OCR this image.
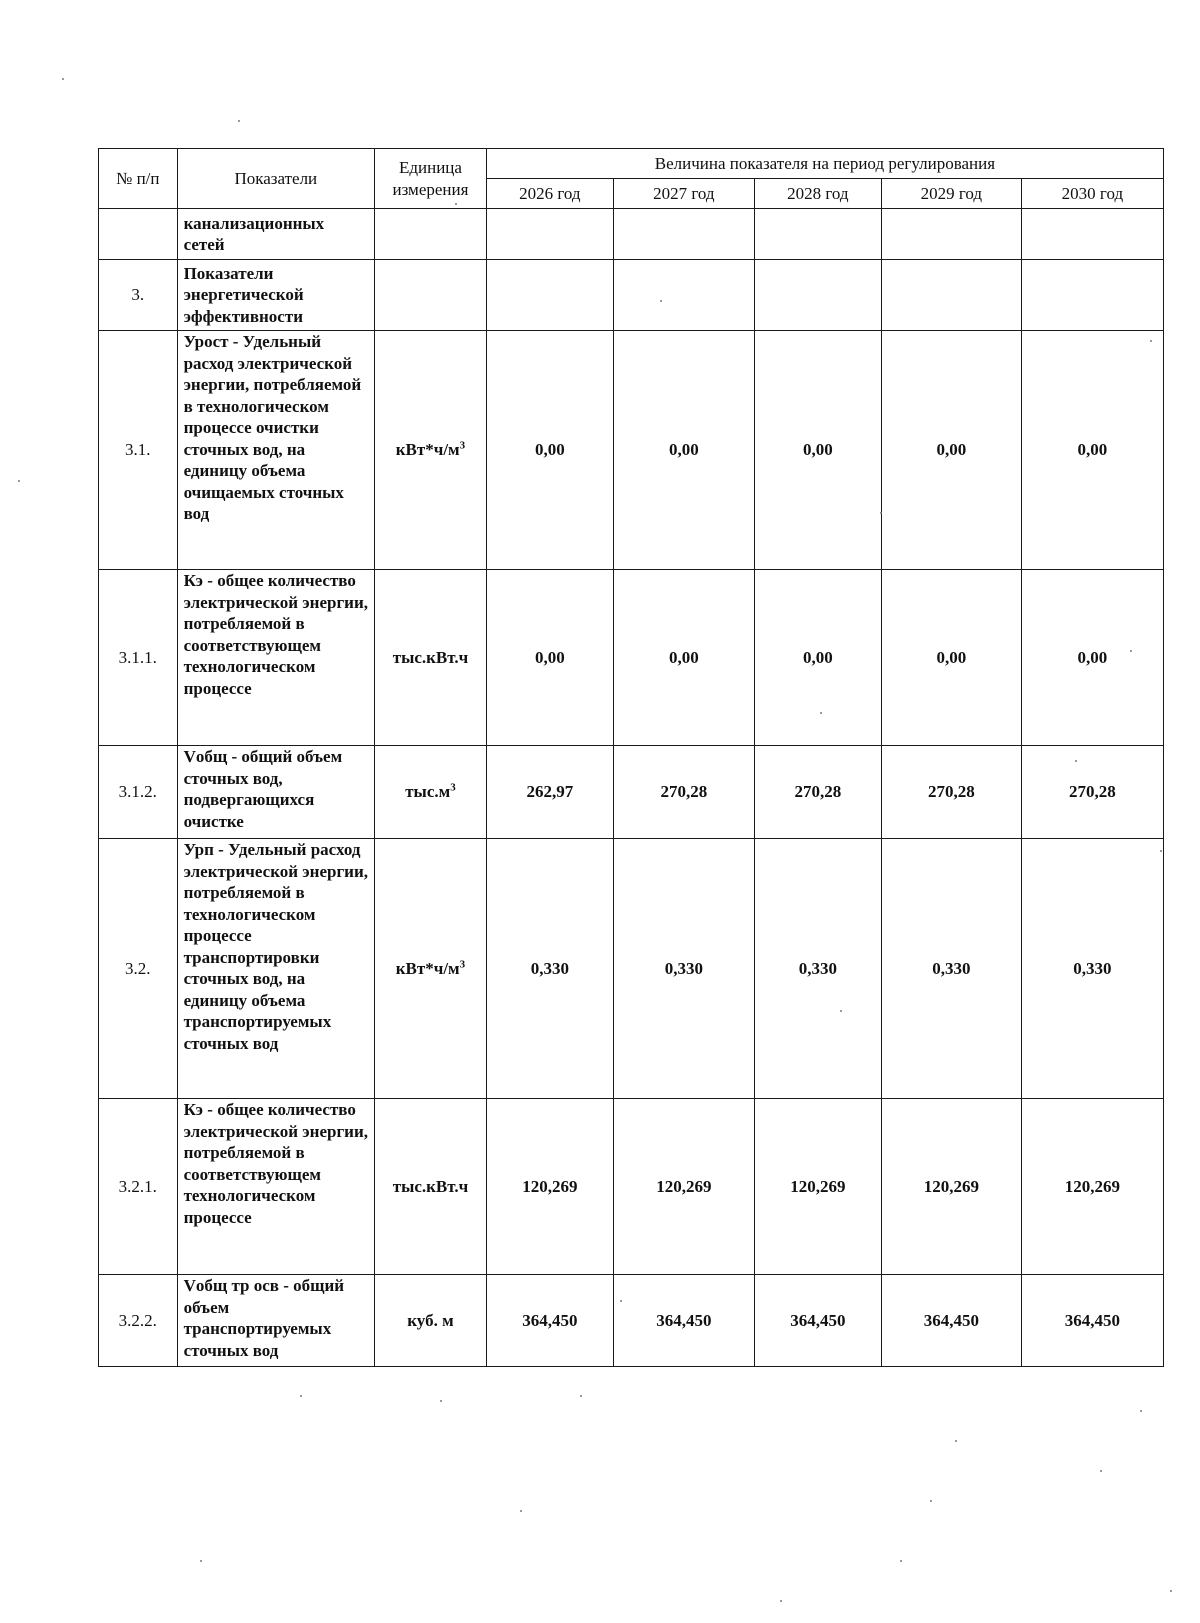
№ п/п	Показатели	Единица измерения	Величина показателя на период регулирования				
			2026 год	2027 год	2028 год	2029 год	2030 год
	канализационных сетей						
3.	Показатели энергетической эффективности						
3.1.	Урост - Удельный расход электрической энергии, потребляемой в технологическом процессе очистки сточных вод, на единицу объема очищаемых сточных вод	$кВт*ч/м^3$	0,00	0,00	0,00	0,00	0,00
3.1.1.	Кэ - общее количество электрической энергии, потребляемой в соответствующем технологическом процессе	тыс.кВт.ч	0,00	0,00	0,00	0,00	0,00
3.1.2.	Vобщ - общий объем сточных вод, подвергающихся очистке	$тыс.м^3$	262,97	270,28	270,28	270,28	270,28
3.2.	Урп - Удельный расход электрической энергии, потребляемой в технологическом процессе транспортировки сточных вод, на единицу объема транспортируемых сточных вод	$кВт*ч/м^3$	0,330	0,330	0,330	0,330	0,330
3.2.1.	Кэ - общее количество электрической энергии, потребляемой в соответствующем технологическом процессе	тыс.кВт.ч	120,269	120,269	120,269	120,269	120,269
3.2.2.	Vобщ тр осв - общий объем транспортируемых сточных вод	куб. м	364,450	364,450	364,450	364,450	364,450
